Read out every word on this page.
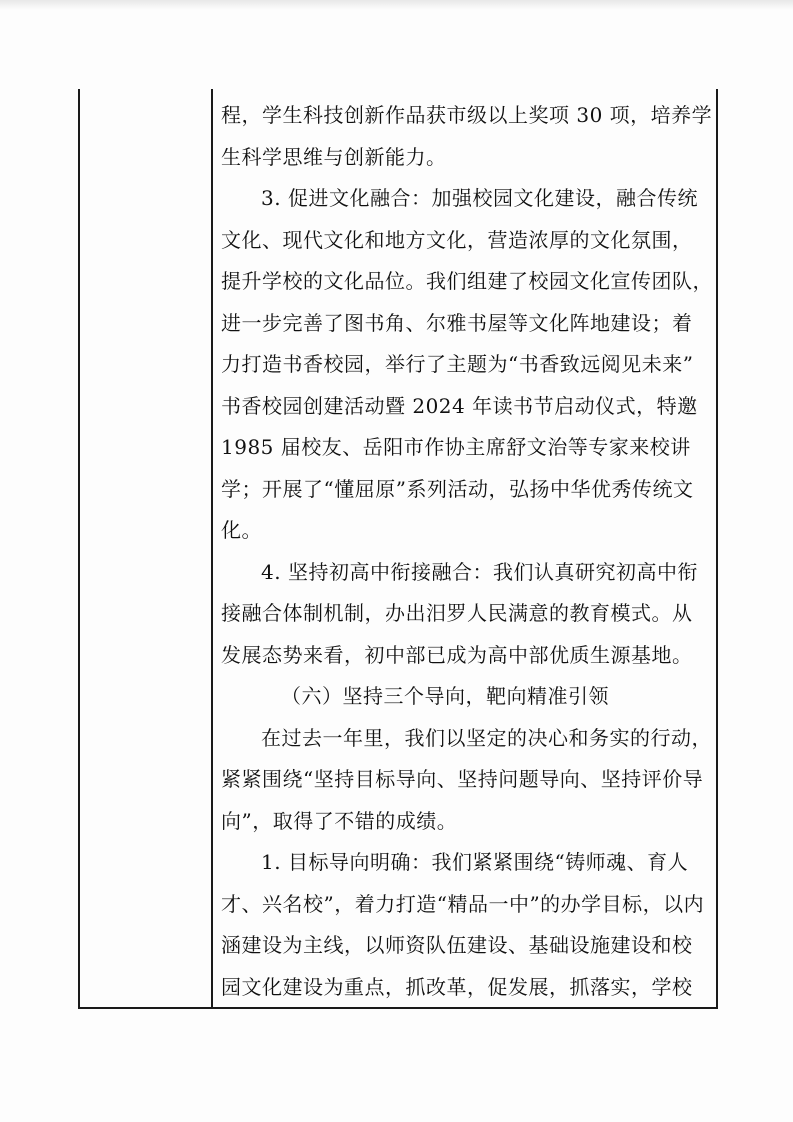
程，学生科技创新作品获市级以上奖项 30 项，培养学
生科学思维与创新能力。
3. 促进文化融合：加强校园文化建设，融合传统
文化、现代文化和地方文化，营造浓厚的文化氛围，
提升学校的文化品位。我们组建了校园文化宣传团队，
进一步完善了图书角、尔雅书屋等文化阵地建设；着
力打造书香校园，举行了主题为“书香致远阅见未来”
书香校园创建活动暨 2024 年读书节启动仪式，特邀
1985 届校友、岳阳市作协主席舒文治等专家来校讲
学；开展了“懂屈原”系列活动，弘扬中华优秀传统文
化。
4. 坚持初高中衔接融合：我们认真研究初高中衔
接融合体制机制，办出汨罗人民满意的教育模式。从
发展态势来看，初中部已成为高中部优质生源基地。
（六）坚持三个导向，靶向精准引领
在过去一年里，我们以坚定的决心和务实的行动，
紧紧围绕“坚持目标导向、坚持问题导向、坚持评价导
向”，取得了不错的成绩。
1. 目标导向明确：我们紧紧围绕“铸师魂、育人
才、兴名校”，着力打造“精品一中”的办学目标，以内
涵建设为主线，以师资队伍建设、基础设施建设和校
园文化建设为重点，抓改革，促发展，抓落实，学校
